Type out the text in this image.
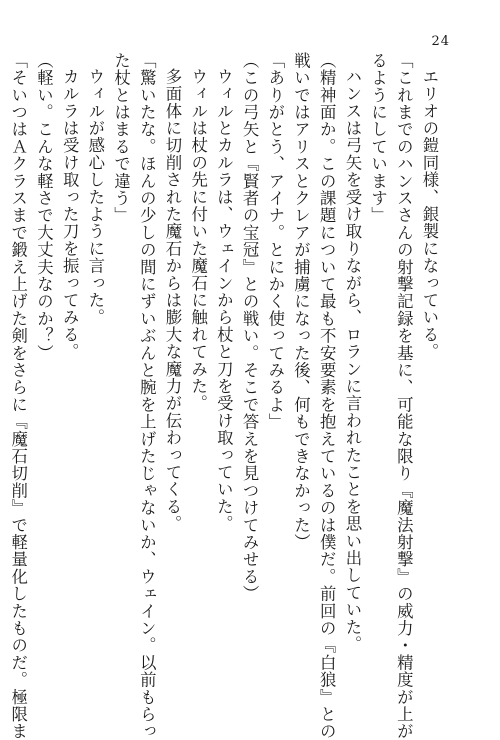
24
エリオの鎧同様、銀製になっている。
「これまでのハンスさんの射撃記録を基に、可能な限り『魔法射撃』の威力・精度が上が
るようにしています」
ハンスは弓矢を受け取りながら、ロランに言われたことを思い出していた。
（精神面か。この課題について最も不安要素を抱えているのは僕だ。前回の『白狼』との
戦いではアリスとクレアが捕虜になった後、何もできなかった）
「ありがとう、アイナ。とにかく使ってみるよ」
（この弓矢と『賢者の宝冠』との戦い。そこで答えを見つけてみせる）
ウィルとカルラは、ウェインから杖と刀を受け取っていた。
ウィルは杖の先に付いた魔石に触れてみた。
多面体に切削された魔石からは膨大な魔力が伝わってくる。
「驚いたな。ほんの少しの間にずいぶんと腕を上げたじゃないか、ウェイン。以前もらっ
た杖とはまるで違う」
ウィルが感心したように言った。
カルラは受け取った刀を振ってみる。
（軽い。こんな軽さで大丈夫なのか？）
「そいつはＡクラスまで鍛え上げた剣をさらに『魔石切削』で軽量化したものだ。極限ま
